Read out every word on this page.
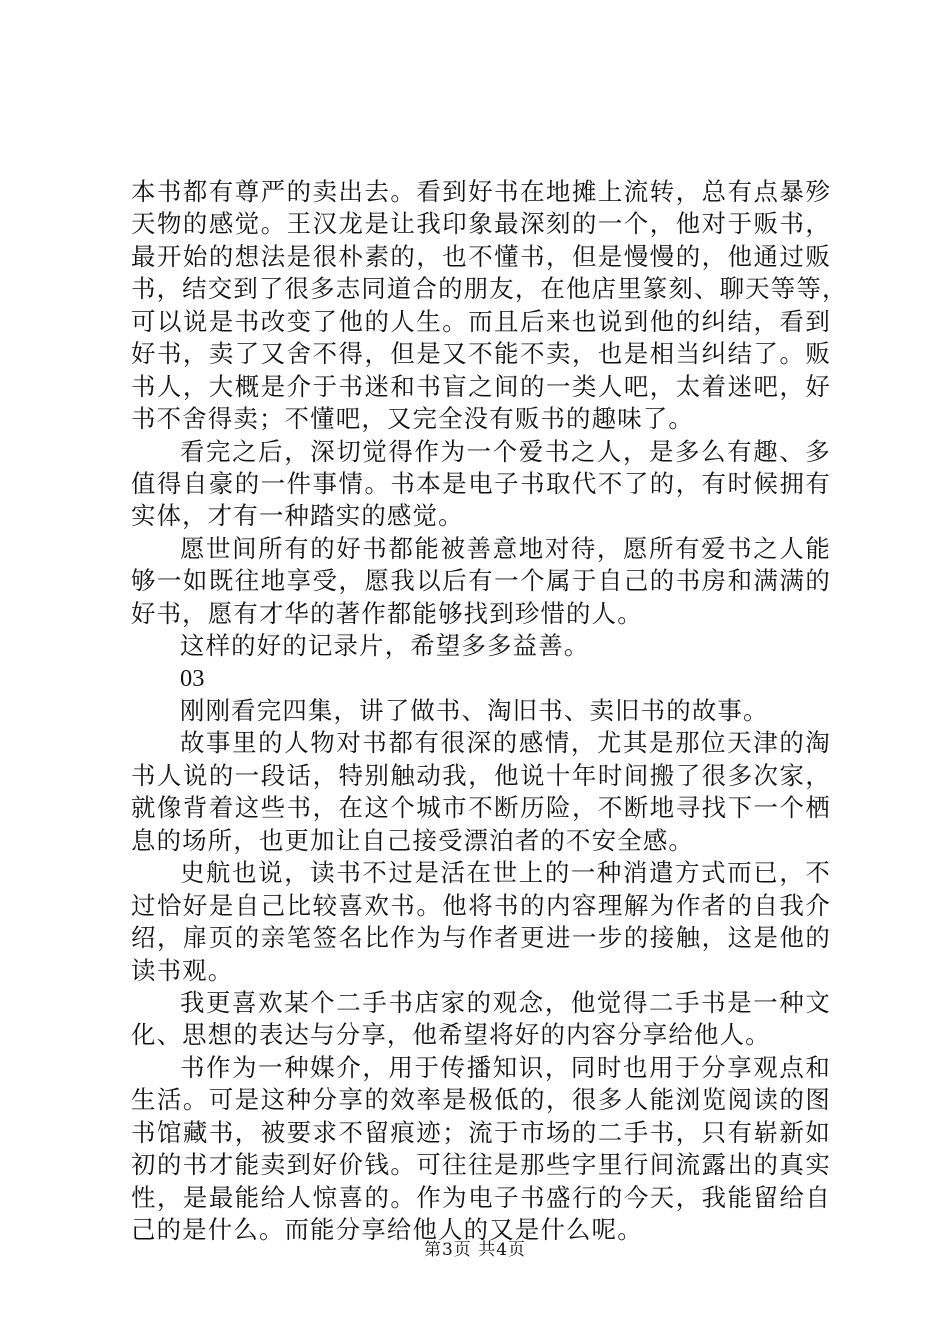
本书都有尊严的卖出去。看到好书在地摊上流转，总有点暴殄
天物的感觉。王汉龙是让我印象最深刻的一个，他对于贩书，
最开始的想法是很朴素的，也不懂书，但是慢慢的，他通过贩
书，结交到了很多志同道合的朋友，在他店里篆刻、聊天等等，
可以说是书改变了他的人生。而且后来也说到他的纠结，看到
好书，卖了又舍不得，但是又不能不卖，也是相当纠结了。贩
书人，大概是介于书迷和书盲之间的一类人吧，太着迷吧，好
书不舍得卖；不懂吧，又完全没有贩书的趣味了。
看完之后，深切觉得作为一个爱书之人，是多么有趣、多
值得自豪的一件事情。书本是电子书取代不了的，有时候拥有
实体，才有一种踏实的感觉。
愿世间所有的好书都能被善意地对待，愿所有爱书之人能
够一如既往地享受，愿我以后有一个属于自己的书房和满满的
好书，愿有才华的著作都能够找到珍惜的人。
这样的好的记录片，希望多多益善。
03
刚刚看完四集，讲了做书、淘旧书、卖旧书的故事。
故事里的人物对书都有很深的感情，尤其是那位天津的淘
书人说的一段话，特别触动我，他说十年时间搬了很多次家，
就像背着这些书，在这个城市不断历险，不断地寻找下一个栖
息的场所，也更加让自己接受漂泊者的不安全感。
史航也说，读书不过是活在世上的一种消遣方式而已，不
过恰好是自己比较喜欢书。他将书的内容理解为作者的自我介
绍，扉页的亲笔签名比作为与作者更进一步的接触，这是他的
读书观。
我更喜欢某个二手书店家的观念，他觉得二手书是一种文
化、思想的表达与分享，他希望将好的内容分享给他人。
书作为一种媒介，用于传播知识，同时也用于分享观点和
生活。可是这种分享的效率是极低的，很多人能浏览阅读的图
书馆藏书，被要求不留痕迹；流于市场的二手书，只有崭新如
初的书才能卖到好价钱。可往往是那些字里行间流露出的真实
性，是最能给人惊喜的。作为电子书盛行的今天，我能留给自
己的是什么。而能分享给他人的又是什么呢。
第3页 共4页
